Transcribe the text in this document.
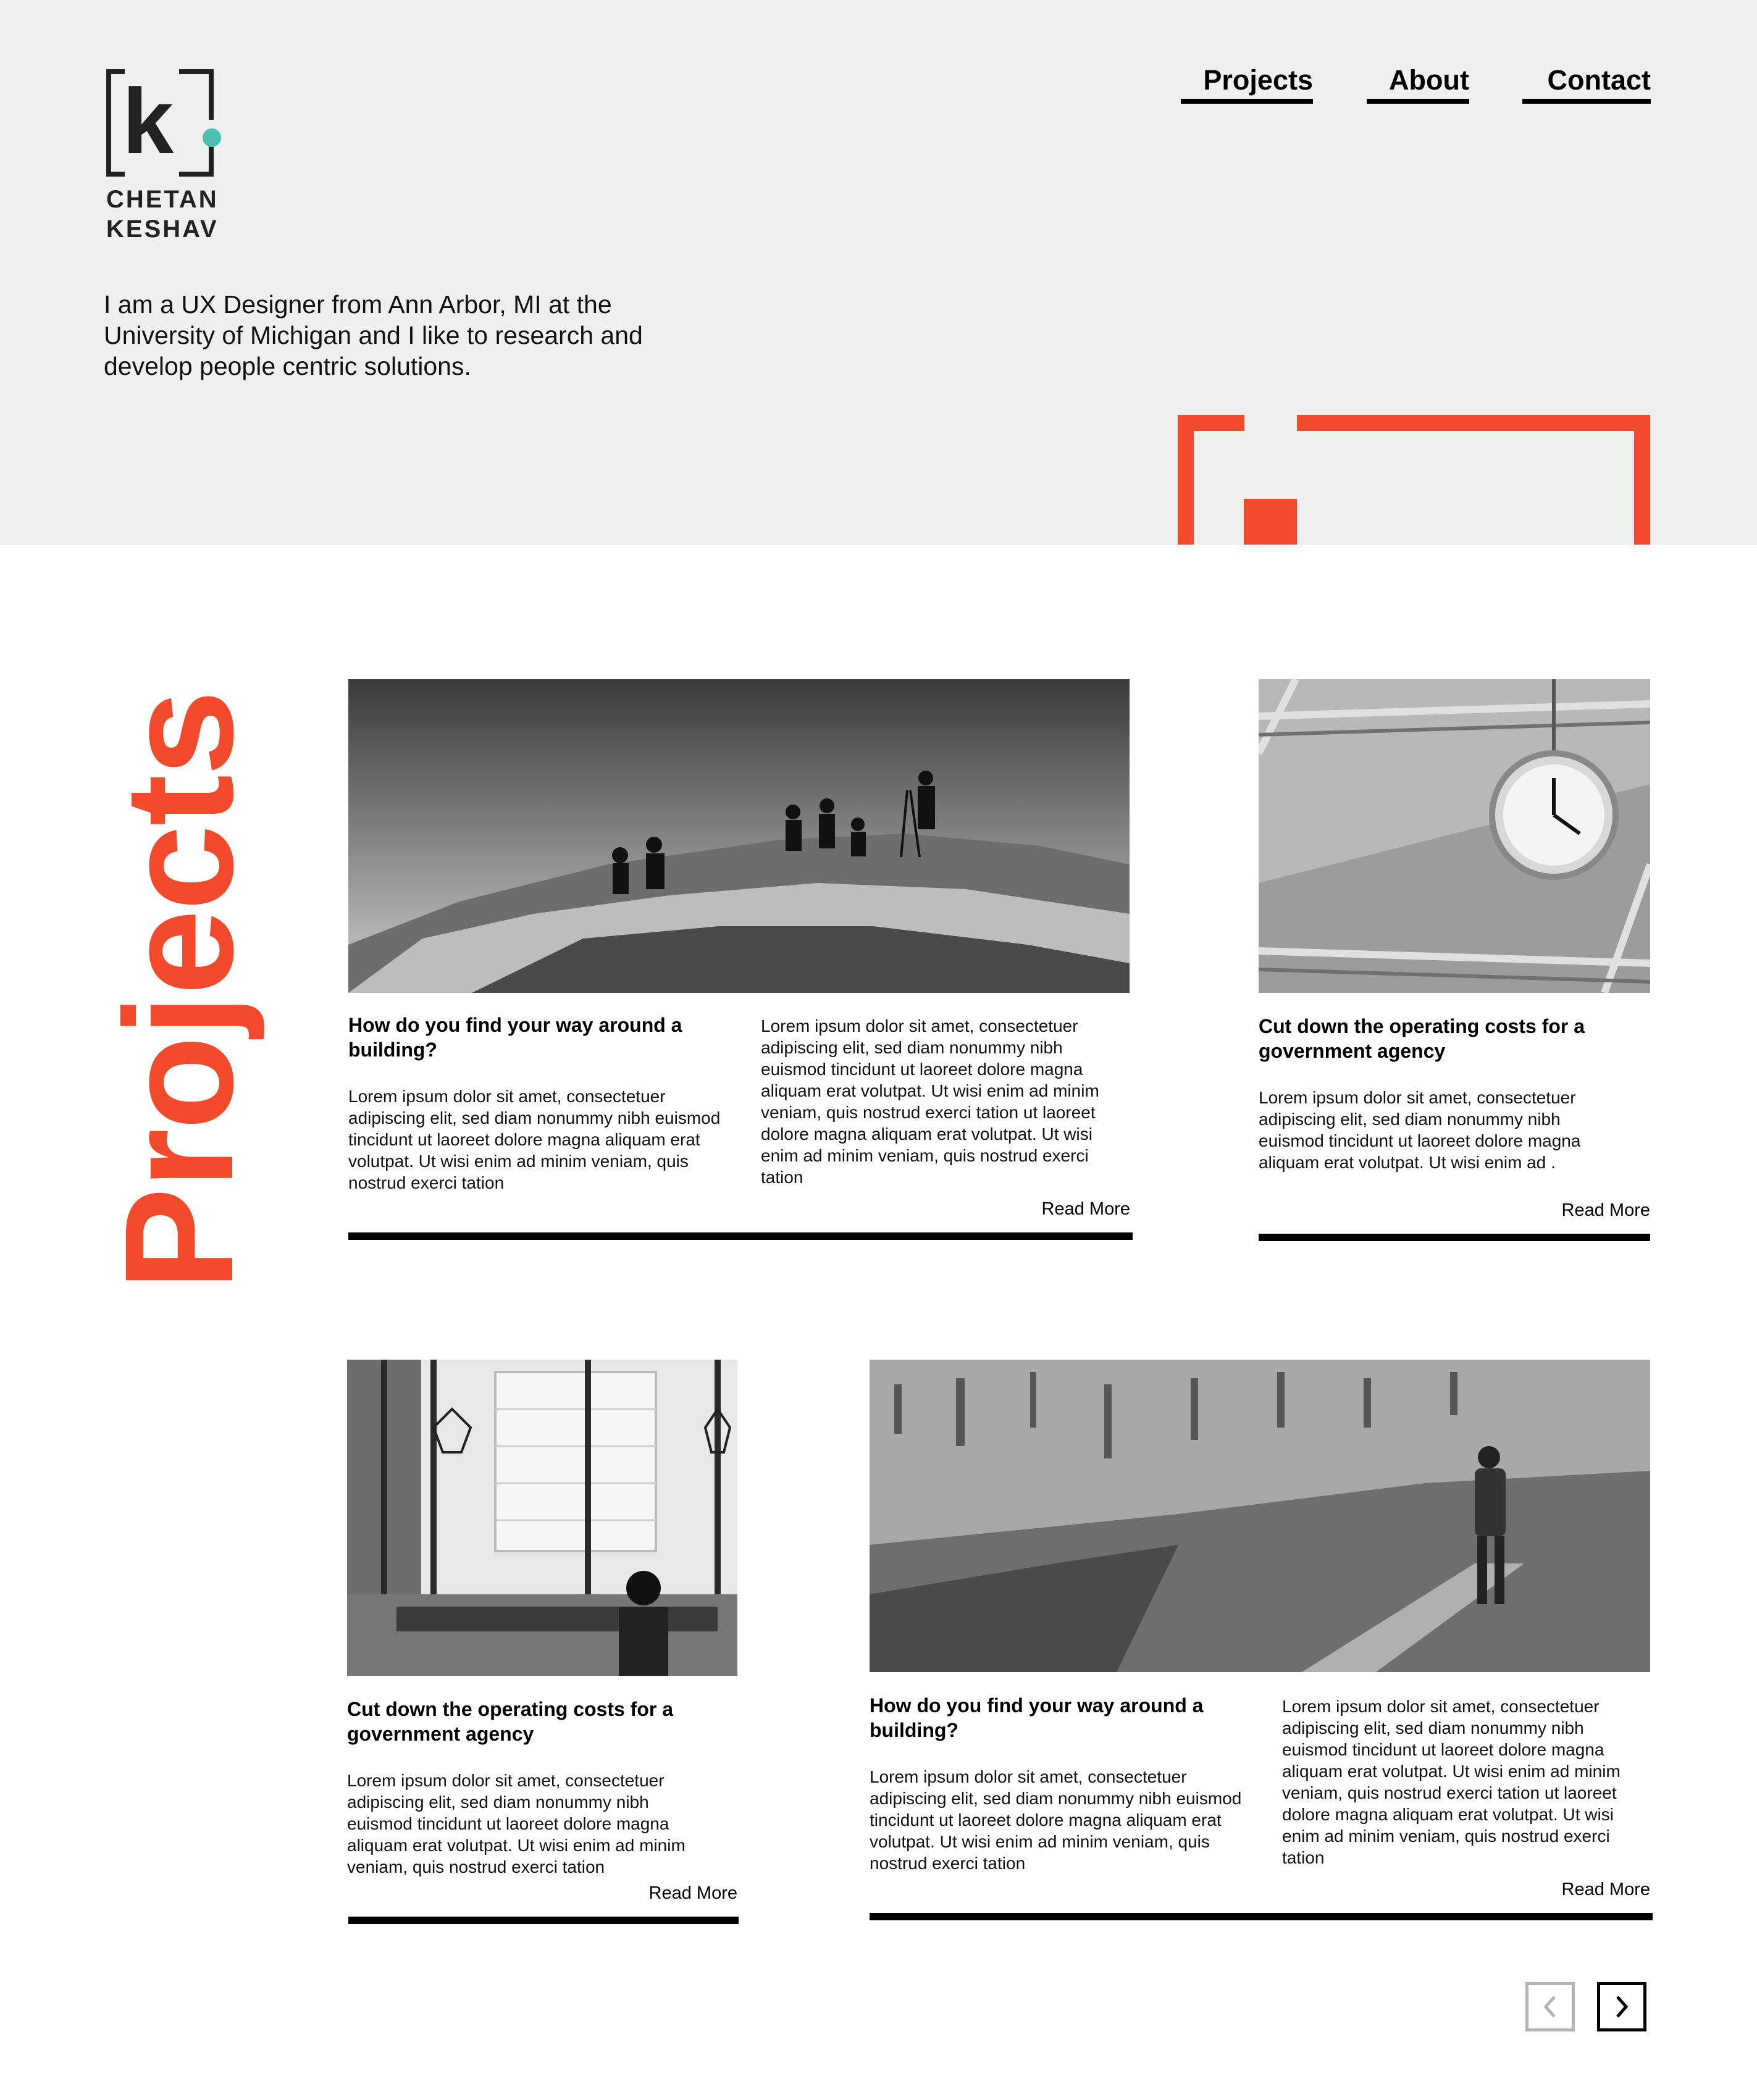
k
CHETAN
KESHAV
Projects	About	Contact
I am a UX Designer from Ann Arbor, MI at the
University of Michigan and I like to research and
develop people centric solutions.
Projects	How do you find your way around a
building?
Lorem ipsum dolor sit amet, consectetuer
adipiscing elit, sed diam nonummy nibh euismod
tincidunt ut laoreet dolore magna aliquam erat
volutpat. Ut wisi enim ad minim veniam, quis
nostrud exerci tation
Lorem ipsum dolor sit amet, consectetuer
adipiscing elit, sed diam nonummy nibh
euismod tincidunt ut laoreet dolore magna
aliquam erat volutpat. Ut wisi enim ad minim
veniam, quis nostrud exerci tation ut laoreet
dolore magna aliquam erat volutpat. Ut wisi
enim ad minim veniam, quis nostrud exerci
tation
Read More
Cut down the operating costs for a
government agency
Lorem ipsum dolor sit amet, consectetuer
adipiscing elit, sed diam nonummy nibh
euismod tincidunt ut laoreet dolore magna
aliquam erat volutpat. Ut wisi enim ad .
Read More
Cut down the operating costs for a
government agency
Lorem ipsum dolor sit amet, consectetuer
adipiscing elit, sed diam nonummy nibh
euismod tincidunt ut laoreet dolore magna
aliquam erat volutpat. Ut wisi enim ad minim
veniam, quis nostrud exerci tation
Read More
How do you find your way around a
building?
Lorem ipsum dolor sit amet, consectetuer
adipiscing elit, sed diam nonummy nibh euismod
tincidunt ut laoreet dolore magna aliquam erat
volutpat. Ut wisi enim ad minim veniam, quis
nostrud exerci tation
Lorem ipsum dolor sit amet, consectetuer
adipiscing elit, sed diam nonummy nibh
euismod tincidunt ut laoreet dolore magna
aliquam erat volutpat. Ut wisi enim ad minim
veniam, quis nostrud exerci tation ut laoreet
dolore magna aliquam erat volutpat. Ut wisi
enim ad minim veniam, quis nostrud exerci
tation
Read More
